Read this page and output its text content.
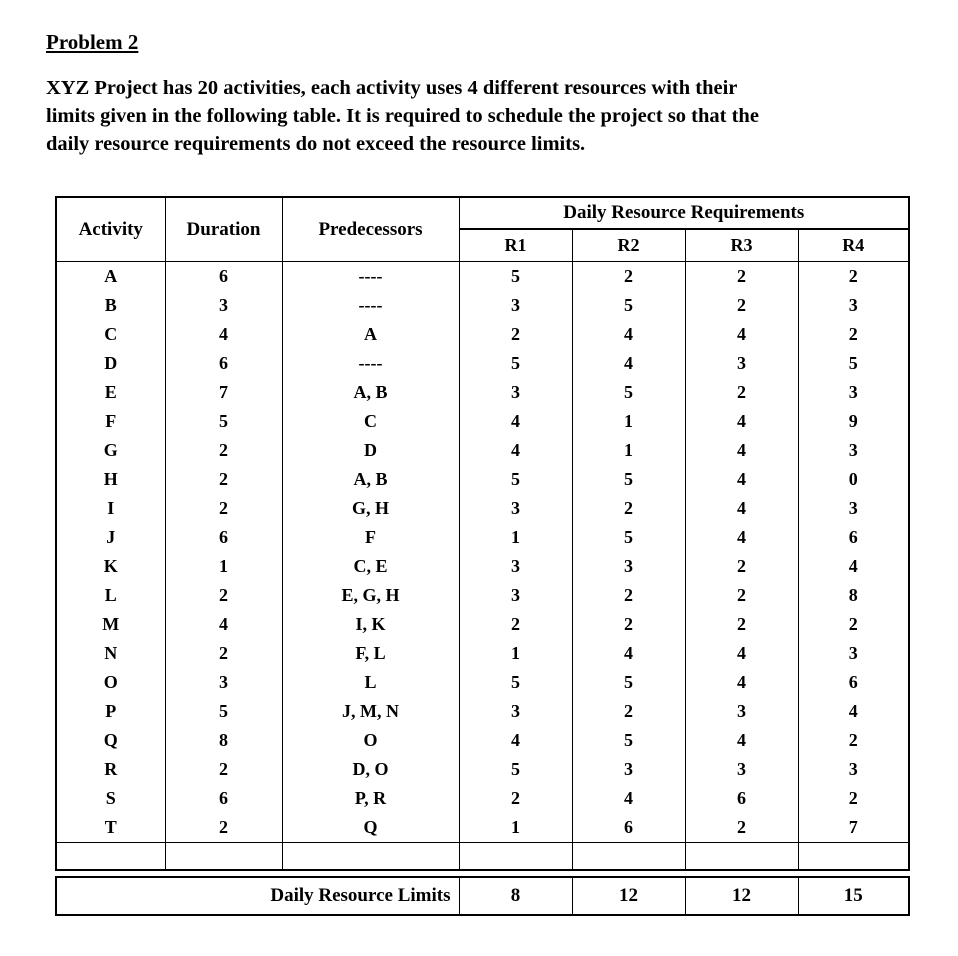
Problem 2

XYZ Project has 20 activities, each activity uses 4 different resources with their

limits given in the following table. It is required to schedule the project so that the

daily resource requirements do not exceed the resource limits.

Activity	Duration	Predecessors	Daily Resource Requirements			
			R1	R2	R3	R4
A	6	----	5	2	2	2
B	3	----	3	5	2	3
C	4	A	2	4	4	2
D	6	----	5	4	3	5
E	7	A, B	3	5	2	3
F	5	C	4	1	4	9
G	2	D	4	1	4	3
H	2	A, B	5	5	4	0
I	2	G, H	3	2	4	3
J	6	F	1	5	4	6
K	1	C, E	3	3	2	4
L	2	E, G, H	3	2	2	8
M	4	I, K	2	2	2	2
N	2	F, L	1	4	4	3
O	3	L	5	5	4	6
P	5	J, M, N	3	2	3	4
Q	8	O	4	5	4	2
R	2	D, O	5	3	3	3
S	6	P, R	2	4	6	2
T	2	Q	1	6	2	7

Daily Resource Limits	8	12	12	15
